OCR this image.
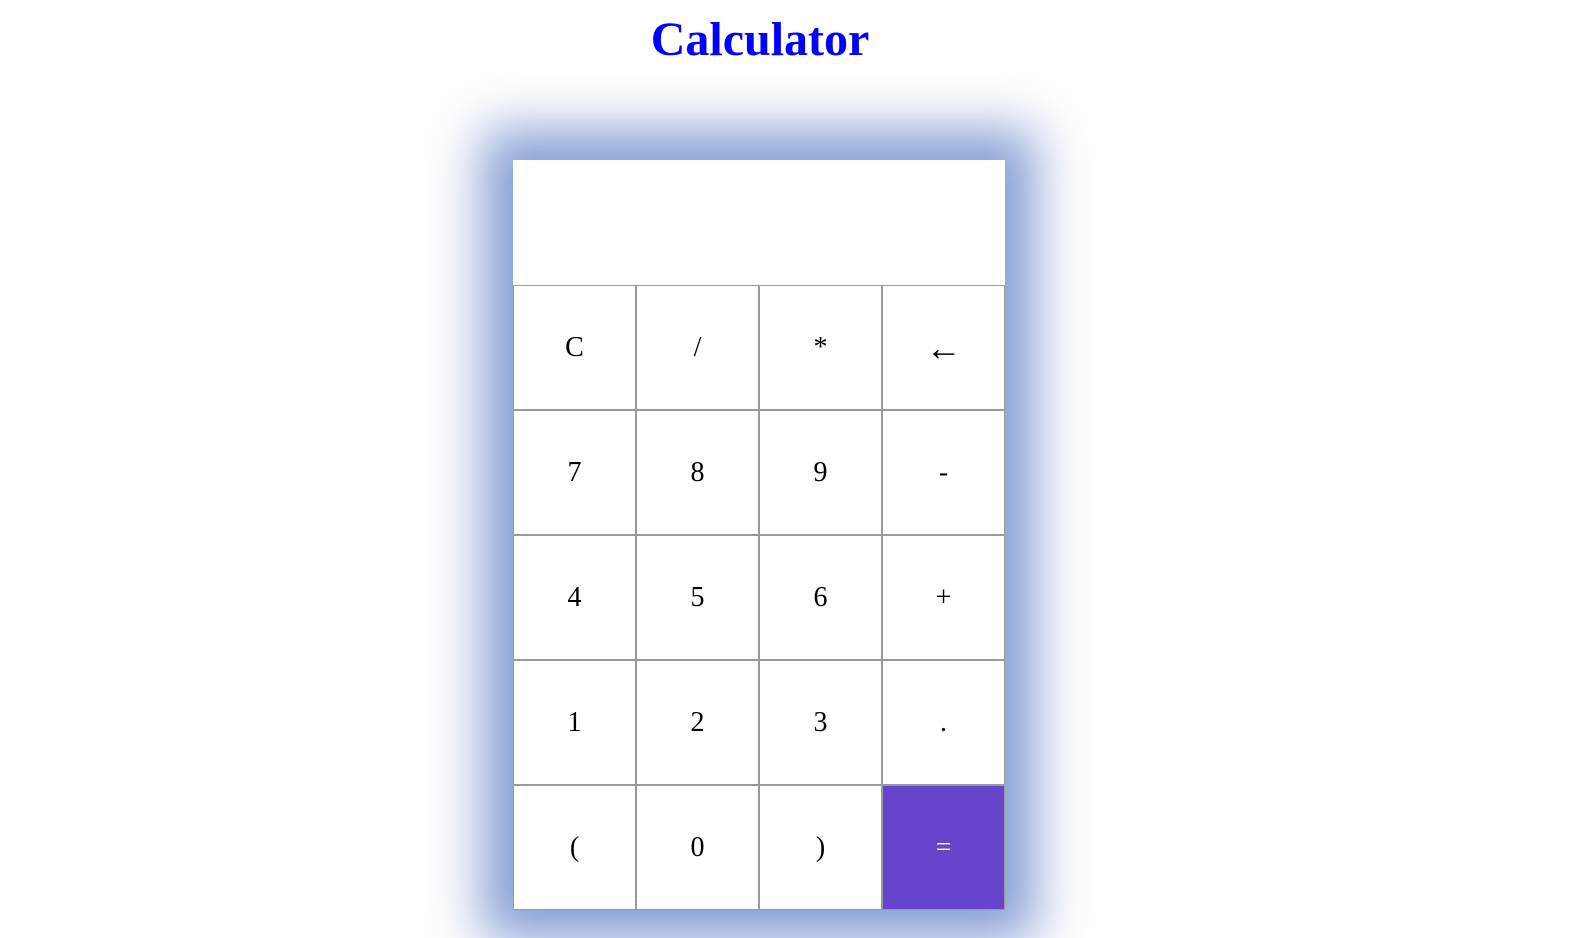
Calculator
C	/	*	←
7	8	9	-
4	5	6	+
1	2	3	.
(	0	)	=
